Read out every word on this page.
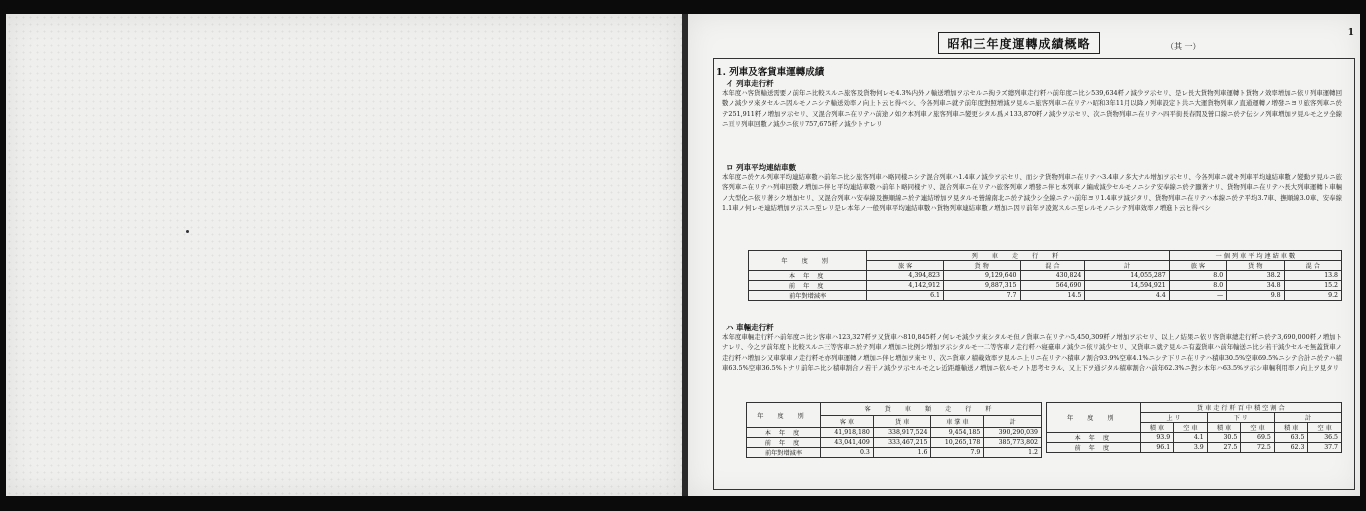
1
昭和三年度運轉成績概略	（其 一）
1. 列車及客貨車運轉成績
イ 列車走行粁
本年度ハ客貨輸送需要ノ前年ニ比較スルニ旅客及貨物何レモ4.3%内外ノ輸送増加ヲ示セルニ拘ラズ總列車走行粁ハ前年度ニ比シ539,634粁ノ減少ヲ示セリ、是レ長大貨物列車運轉ト貨物ノ效率增加ニ依リ列車運轉回數ノ減少ヲ來タセルニ因ルモノニシテ輸送効率ノ向上ト云ヒ得ベシ、今各列車ニ就テ前年度對照增減ヲ見ルニ旅客列車ニ在リテハ昭和3年11月以降ノ列車設定ト共ニ大運貨物列車ノ直通運轉ノ増發ニヨリ旅客列車ニ於テ251,911粁ノ増加ヲ示セリ、又混合列車ニ在リテハ前途ノ如ク本列車ノ旅客列車ニ變更シタル爲メ133,870粁ノ減少ヲ示セリ、次ニ貨物列車ニ在リテハ四平街長春間及營口線ニ於テ伝シノ列車増加ヲ見ルモ之ヲ全線ニ亘リ列車回數ノ減少ニ依リ757,675粁ノ減少トナレリ
ロ 列車平均連結車數
本年度ニ於ケル列車平均連結車數ハ前年ニ比シ旅客列車ハ略同樣ニシテ混合列車ハ1.4車ノ減少ヲ示セリ、而シテ貨物列車ニ在リテハ3.4車ノ多大ナル增加ヲ示セリ、今各列車ニ就キ列車平均連結車數ノ變動ヲ見ルニ旅客列車ニ在リテハ列車回數ノ増加ニ伴ヒ平均連結車數ハ前年ト略同樣ナリ、混合列車ニ在リテハ旅客列車ノ増發ニ伴ヒ本列車ノ編成減少セルモノニシテ安奉線ニ於テ顯著ナリ、貨物列車ニ在リテハ長大列車運轉ト車輛ノ大型化ニ依リ著シク增加セリ、又混合列車ハ安奉線及撫順線ニ於テ連結增加ヲ見タルモ營線南北ニ於テ減少シ全線ニテハ前年ヨリ1.4車ヲ減ジタリ、貨物列車ニ在リテハ本線ニ於テ平均3.7車、撫順線3.0車、安奉線1.1車ノ何レモ連結増加ヲ示スニ至レリ是レ本年ノ一般列車平均連結車數ハ貨物列車連結車數ノ増加ニ因リ前年ヲ凌駕スルニ至レルモノニシテ列車效率ノ増進ト云ヒ得ベシ
年 度 別	列 車 走 行 粁				一 個 列 車 平 均 連 結 車 數		
	旅 客	貨 物	混 合	計	旅 客	貨 物	混 合
本 年 度	4,394,823	9,129,640	430,824	14,055,287	8.0	38.2	13.8
前 年 度	4,142,912	9,887,315	564,690	14,594,921	8.0	34.8	15.2
前年對增減率	6.1	7.7	14.5	4.4	—	9.8	9.2
ハ 車輛走行粁
本年度車輛走行粁ハ前年度ニ比シ客車ハ123,327粁ヲ又貨車ハ810,845粁ノ何レモ減少ヲ來シタルモ但ノ貨車ニ在リテハ5,450,309粁ノ增加ヲ示セリ、以上ノ結果ニ依リ客貨車總走行粁ニ於テ3,690,000粁ノ増加トナレリ、今之ヲ前年度ト比較スルニ三等客車ニ於テ列車ノ増加ニ比例シ増加ヲ示シタルモ一二等客車ノ走行粁ハ寝臺車ノ減少ニ依リ減少セリ、又貨車ニ就テ見ルニ有蓋貨車ハ前年輸送ニ比シ若干減少セルモ無蓋貨車ノ走行粁ハ増加シ又車掌車ノ走行粁モ亦列車運轉ノ増加ニ伴ヒ増加ヲ來セリ、次ニ貨車ノ積載效率ヲ見ルニ上リニ在リテハ積車ノ割合93.9%空車4.1%ニシテ下リニ在リテハ積車30.5%空車69.5%ニシテ合計ニ於テハ積車63.5%空車36.5%トナリ前年ニ比シ積車割合ノ若干ノ減少ヲ示セルモ之レ近距離輸送ノ増加ニ依ルモノト思考セラル、又上下ヲ通ジタル積車割合ハ前年62.3%ニ對シ本年ハ63.5%ヲ示シ車輛利用率ノ向上ヲ見タリ
年 度 別	客 貨 車 類 走 行 粁			
	客 車	貨 車	車 掌 車	計
本 年 度	41,918,180	338,917,524	9,454,185	390,290,039
前 年 度	43,041,409	333,467,215	10,265,178	385,773,802
前年對增減率	0.3	1.6	7.9	1.2
年 度 別	貨 車 走 行 粁 百 中 積 空 割 合					
	上 リ		下 リ		計	
	積 車	空 車	積 車	空 車	積 車	空 車
本 年 度	93.9	4.1	30.5	69.5	63.5	36.5
前 年 度	96.1	3.9	27.5	72.5	62.3	37.7
